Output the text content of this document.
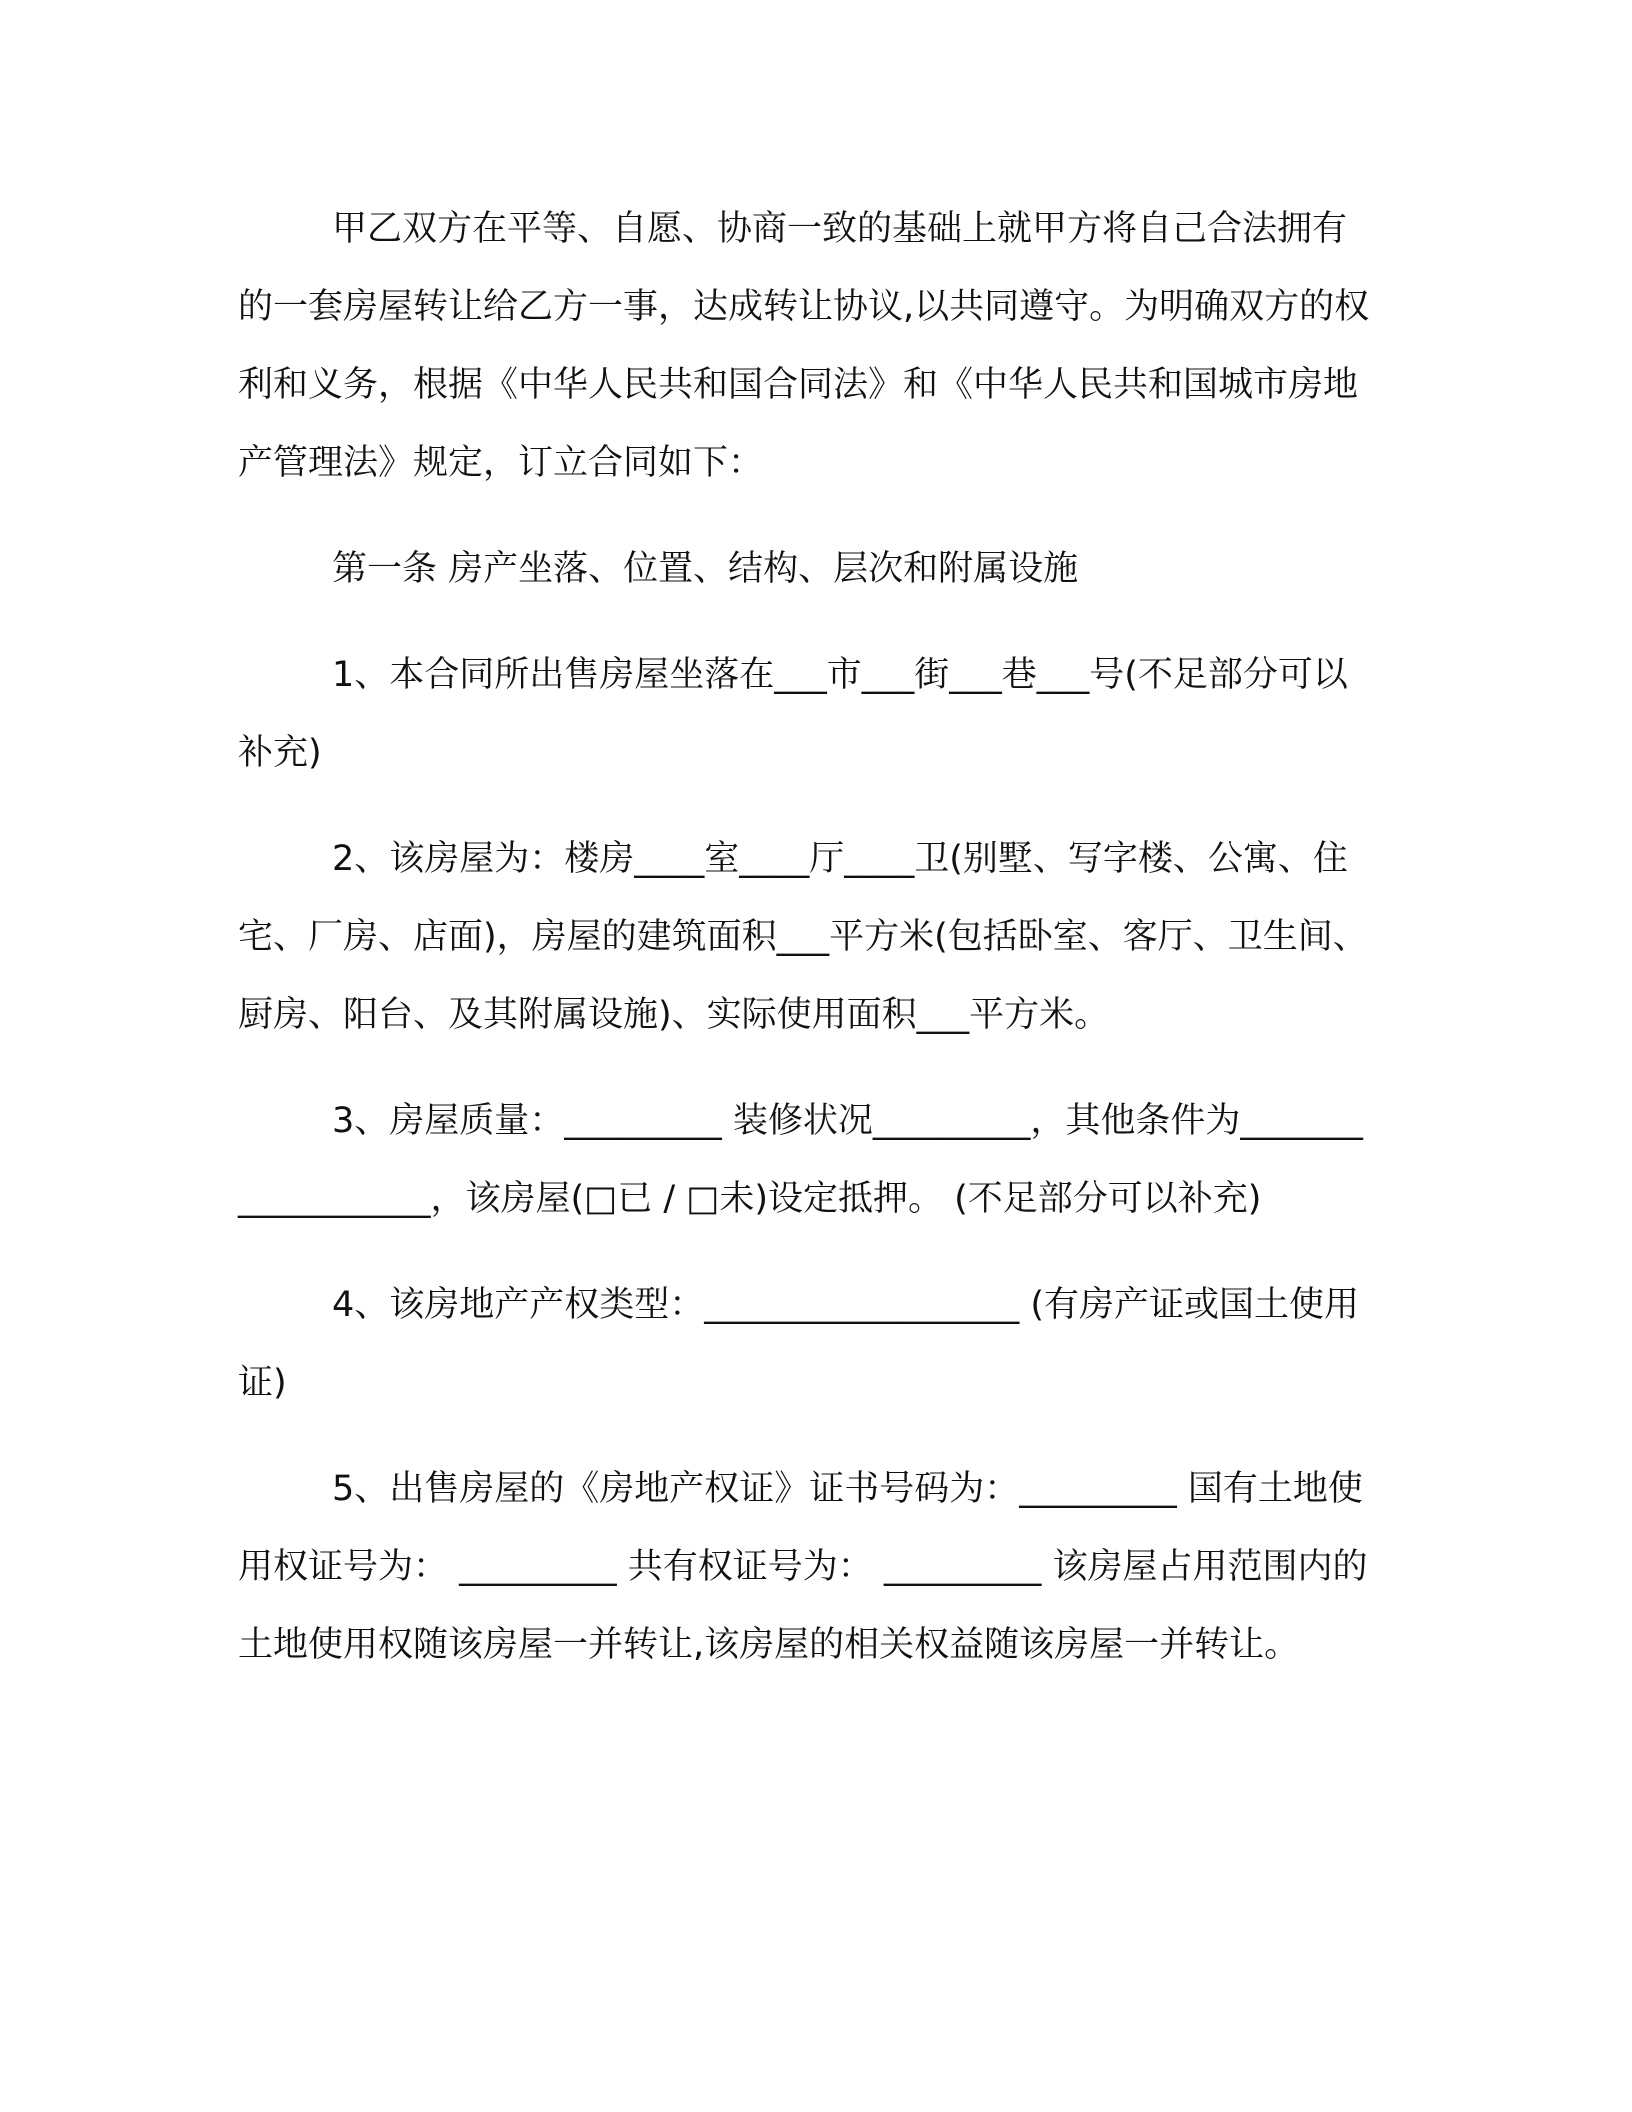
甲乙双方在平等、自愿、协商一致的基础上就甲方将自己合法拥有的一套房屋转让给乙方一事，达成转让协议,以共同遵守。为明确双方的权利和义务，根据《中华人民共和国合同法》和《中华人民共和国城市房地产管理法》规定，订立合同如下：

第一条 房产坐落、位置、结构、层次和附属设施

1、本合同所出售房屋坐落在___市___街___巷___号(不足部分可以补充)

2、该房屋为：楼房____室____厅____卫(别墅、写字楼、公寓、住宅、厂房、店面)，房屋的建筑面积___平方米(包括卧室、客厅、卫生间、厨房、阳台、及其附属设施)、实际使用面积___平方米。

3、房屋质量：_________ 装修状况_________，其他条件为__________________，该房屋(□已 / □未)设定抵押。 (不足部分可以补充)

4、该房地产产权类型：__________________ (有房产证或国土使用证)

5、出售房屋的《房地产权证》证书号码为：_________ 国有土地使用权证号为： _________ 共有权证号为： _________ 该房屋占用范围内的土地使用权随该房屋一并转让,该房屋的相关权益随该房屋一并转让。
